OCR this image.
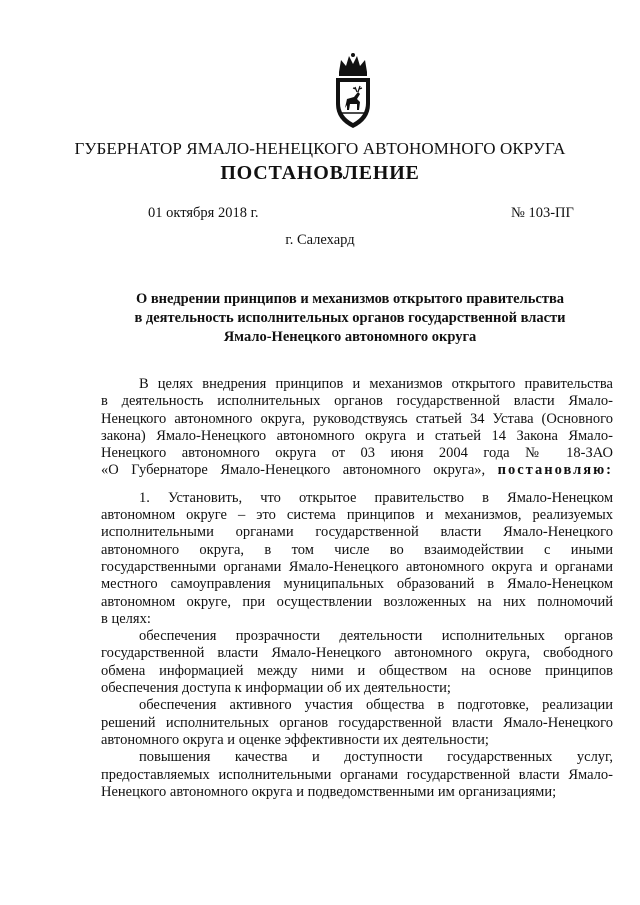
ГУБЕРНАТОР ЯМАЛО-НЕНЕЦКОГО АВТОНОМНОГО ОКРУГА
ПОСТАНОВЛЕНИЕ
01 октября 2018 г.	№ 103-ПГ
г. Салехард
О внедрении принципов и механизмов открытого правительства
в деятельность исполнительных органов государственной власти
Ямало-Ненецкого автономного округа
В целях внедрения принципов и механизмов открытого правительства
в деятельность исполнительных органов государственной власти Ямало-
Ненецкого автономного округа, руководствуясь статьей 34 Устава (Основного
закона) Ямало-Ненецкого автономного округа и статьей 14 Закона Ямало-
Ненецкого автономного округа от 03 июня 2004 года № 18-ЗАО
«О Губернаторе Ямало-Ненецкого автономного округа», постановляю:
1. Установить, что открытое правительство в Ямало-Ненецком
автономном округе – это система принципов и механизмов, реализуемых
исполнительными органами государственной власти Ямало-Ненецкого
автономного округа, в том числе во взаимодействии с иными
государственными органами Ямало-Ненецкого автономного округа и органами
местного самоуправления муниципальных образований в Ямало-Ненецком
автономном округе, при осуществлении возложенных на них полномочий
в целях:
обеспечения прозрачности деятельности исполнительных органов
государственной власти Ямало-Ненецкого автономного округа, свободного
обмена информацией между ними и обществом на основе принципов
обеспечения доступа к информации об их деятельности;
обеспечения активного участия общества в подготовке, реализации
решений исполнительных органов государственной власти Ямало-Ненецкого
автономного округа и оценке эффективности их деятельности;
повышения качества и доступности государственных услуг,
предоставляемых исполнительными органами государственной власти Ямало-
Ненецкого автономного округа и подведомственными им организациями;
